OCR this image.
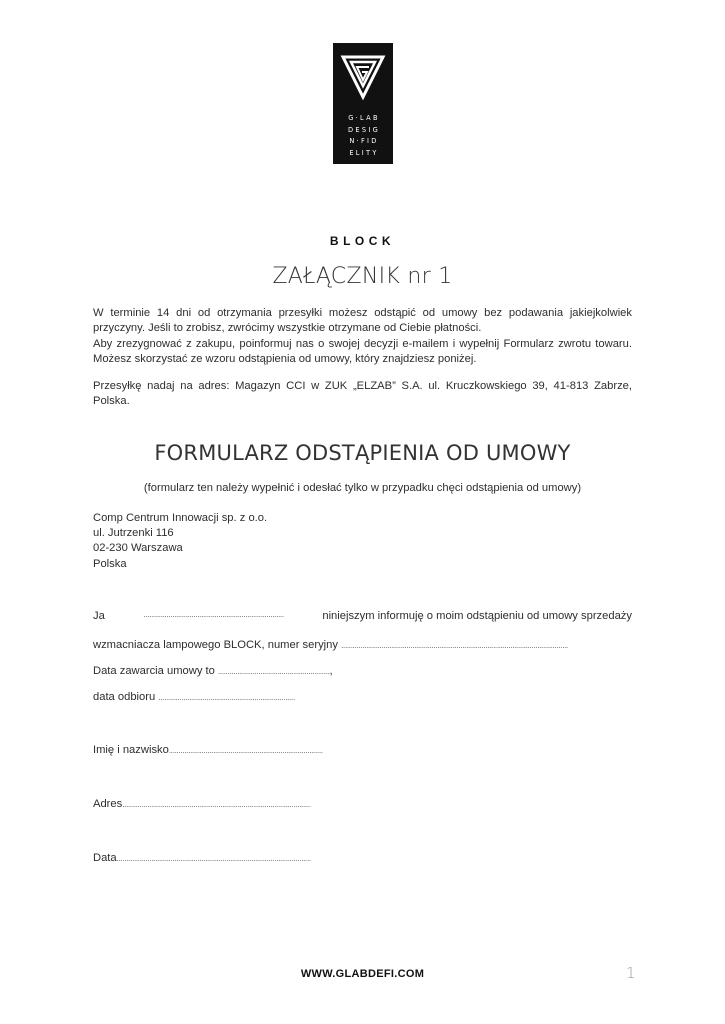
G·LAB
DESIG
N·FID
ELITY
BLOCK
ZAŁĄCZNIK nr 1
W terminie 14 dni od otrzymania przesyłki możesz odstąpić od umowy bez podawania jakiejkolwiek przyczyny. Jeśli to zrobisz, zwrócimy wszystkie otrzymane od Ciebie płatności.
Aby zrezygnować z zakupu, poinformuj nas o swojej decyzji e-mailem i wypełnij Formularz zwrotu towaru. Możesz skorzystać ze wzoru odstąpienia od umowy, który znajdziesz poniżej.
Przesyłkę nadaj na adres: Magazyn CCI w ZUK „ELZAB” S.A. ul. Kruczkowskiego 39, 41-813 Zabrze, Polska.
FORMULARZ ODSTĄPIENIA OD UMOWY
(formularz ten należy wypełnić i odesłać tylko w przypadku chęci odstąpienia od umowy)
Comp Centrum Innowacji sp. z o.o.
ul. Jutrzenki 116
02-230 Warszawa
Polska
Ja	.........................................................................	niniejszym informuję o moim odstąpieniu od umowy sprzedaży
wzmacniacza lampowego BLOCK, numer seryjny ......................................................................................................................
Data zawarcia umowy to ..........................................................,
data odbioru .......................................................................
Imię i nazwisko................................................................................
Adres..................................................................................................
Data.....................................................................................................
WWW.GLABDEFI.COM	1
